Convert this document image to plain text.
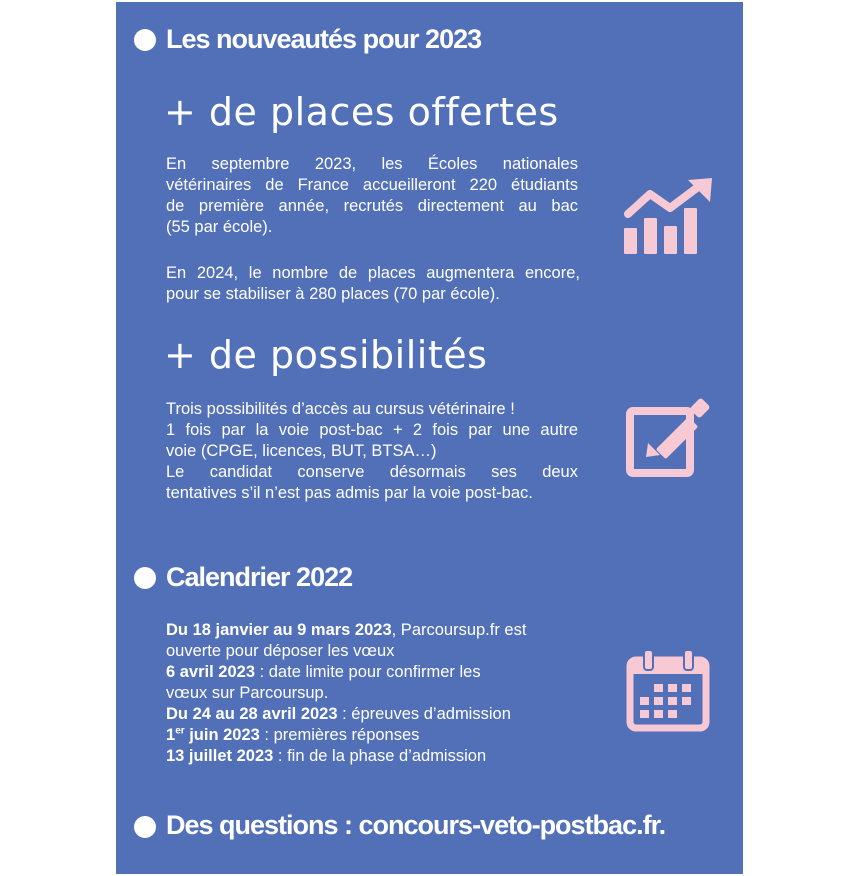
Les nouveautés pour 2023
+ de places offertes
En septembre 2023, les Écoles nationales
vétérinaires de France accueilleront 220 étudiants
de première année, recrutés directement au bac
(55 par école).
En 2024, le nombre de places augmentera encore,
pour se stabiliser à 280 places (70 par école).
+ de possibilités
Trois possibilités d’accès au cursus vétérinaire !
1 fois par la voie post-bac + 2 fois par une autre
voie (CPGE, licences, BUT, BTSA…)
Le candidat conserve désormais ses deux
tentatives s’il n’est pas admis par la voie post-bac.
Calendrier 2022
Du 18 janvier au 9 mars 2023, Parcoursup.fr est
ouverte pour déposer les vœux
6 avril 2023 : date limite pour confirmer les
vœux sur Parcoursup.
Du 24 au 28 avril 2023 : épreuves d’admission
1er juin 2023 : premières réponses
13 juillet 2023 : fin de la phase d’admission
Des questions : concours-veto-postbac.fr.
